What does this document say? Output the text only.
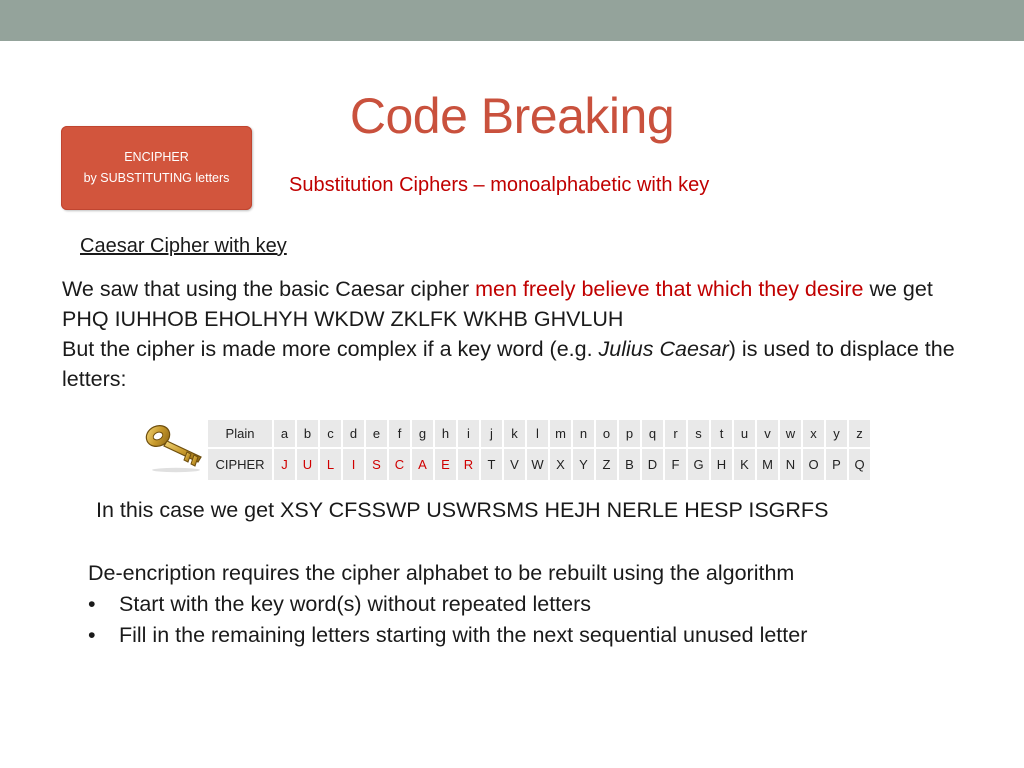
Code Breaking
ENCIPHER
by SUBSTITUTING letters	Substitution Ciphers – monoalphabetic with key
Caesar Cipher with key
We saw that using the basic Caesar cipher men freely believe that which they desire we get PHQ IUHHOB EHOLHYH WKDW ZKLFK WKHB GHVLUH
But the cipher is made more complex if a key word (e.g. Julius Caesar) is used to displace the letters:
Plain	a	b	c	d	e	f	g	h	i	j	k	l	m	n	o	p	q	r	s	t	u	v	w	x	y	z
CIPHER	J	U	L	I	S	C	A	E	R	T	V	W	X	Y	Z	B	D	F	G	H	K	M	N	O	P	Q
In this case we get XSY CFSSWP USWRSMS HEJH NERLE HESP ISGRFS
De-encription requires the cipher alphabet to be rebuilt using the algorithm
• Start with the key word(s) without repeated letters
• Fill in the remaining letters starting with the next sequential unused letter
